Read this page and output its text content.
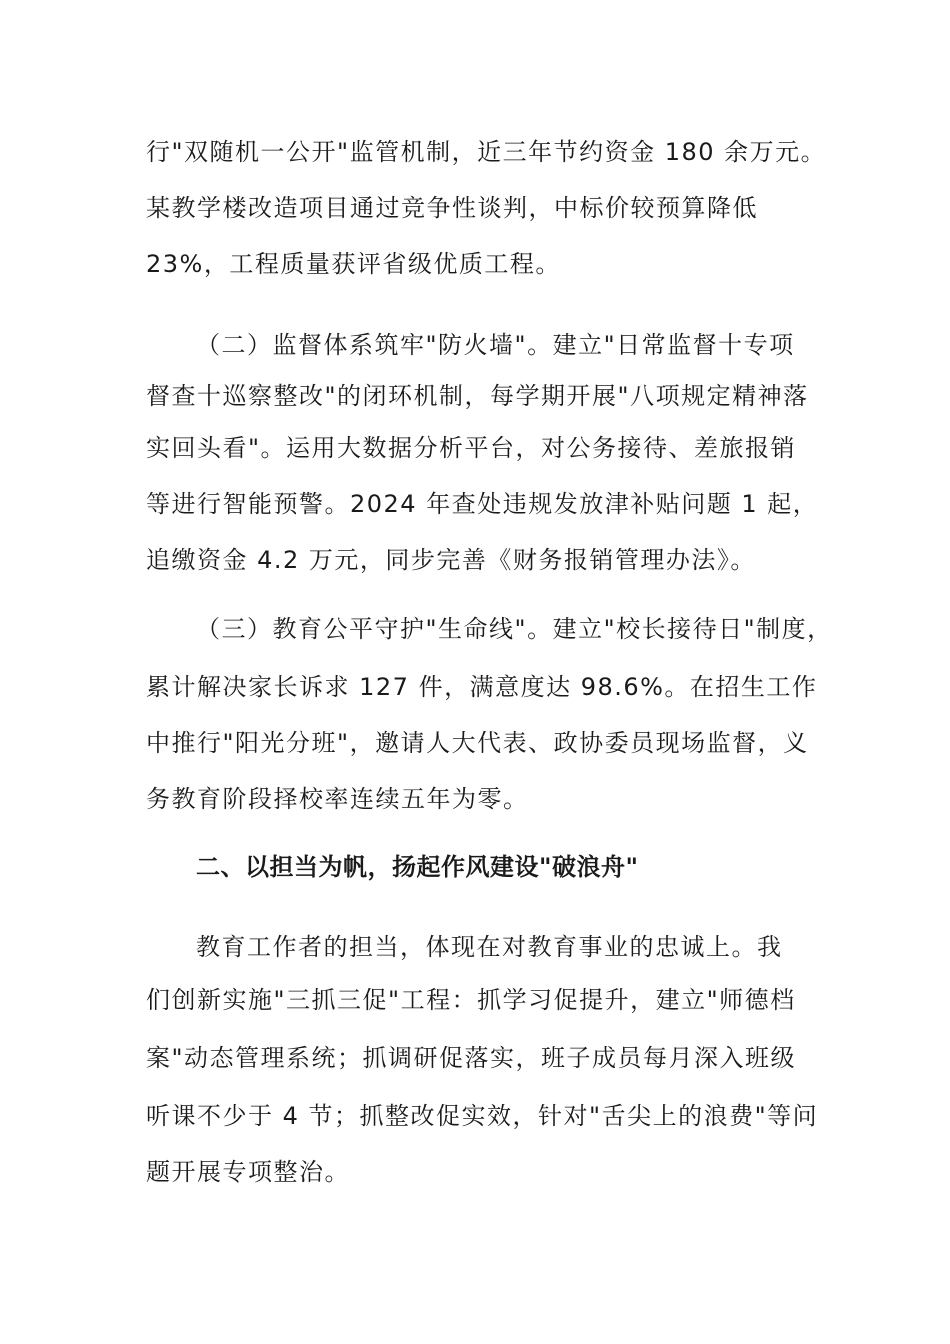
行"双随机一公开"监管机制，近三年节约资金 180 余万元。
某教学楼改造项目通过竞争性谈判，中标价较预算降低
23%，工程质量获评省级优质工程。
（二）监督体系筑牢"防火墙"。建立"日常监督十专项
督查十巡察整改"的闭环机制，每学期开展"八项规定精神落
实回头看"。运用大数据分析平台，对公务接待、差旅报销
等进行智能预警。2024 年查处违规发放津补贴问题 1 起，
追缴资金 4.2 万元，同步完善《财务报销管理办法》。
（三）教育公平守护"生命线"。建立"校长接待日"制度，
累计解决家长诉求 127 件，满意度达 98.6%。在招生工作
中推行"阳光分班"，邀请人大代表、政协委员现场监督，义
务教育阶段择校率连续五年为零。
二、以担当为帆，扬起作风建设"破浪舟"
教育工作者的担当，体现在对教育事业的忠诚上。我
们创新实施"三抓三促"工程：抓学习促提升，建立"师德档
案"动态管理系统；抓调研促落实，班子成员每月深入班级
听课不少于 4 节；抓整改促实效，针对"舌尖上的浪费"等问
题开展专项整治。
